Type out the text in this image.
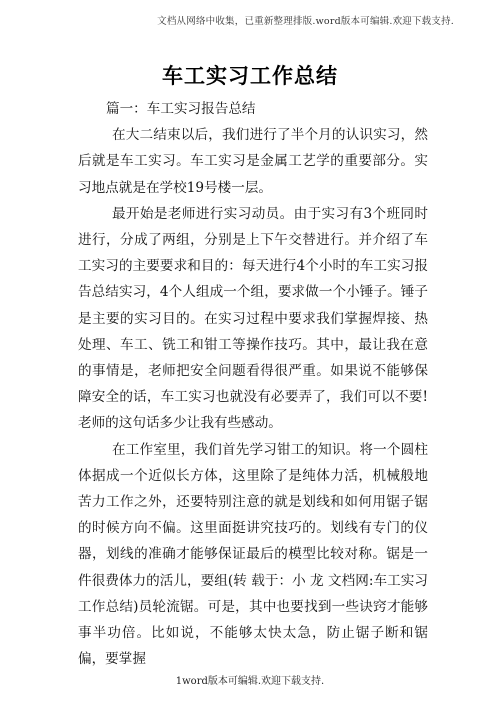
文档从网络中收集，已重新整理排版.word版本可编辑.欢迎下载支持.
车工实习工作总结

篇一：车工实习报告总结

在大二结束以后，我们进行了半个月的认识实习，然后就是车工实习。车工实习是金属工艺学的重要部分。实习地点就是在学校19号楼一层。

最开始是老师进行实习动员。由于实习有3个班同时进行，分成了两组，分别是上下午交替进行。并介绍了车工实习的主要要求和目的：每天进行4个小时的车工实习报告总结实习，4个人组成一个组，要求做一个小锤子。锤子是主要的实习目的。在实习过程中要求我们掌握焊接、热处理、车工、铣工和钳工等操作技巧。其中，最让我在意的事情是，老师把安全问题看得很严重。如果说不能够保障安全的话，车工实习也就没有必要弄了，我们可以不要!老师的这句话多少让我有些感动。

在工作室里，我们首先学习钳工的知识。将一个圆柱体据成一个近似长方体，这里除了是纯体力活，机械般地苦力工作之外，还要特别注意的就是划线和如何用锯子锯的时候方向不偏。这里面挺讲究技巧的。划线有专门的仪器，划线的准确才能够保证最后的模型比较对称。锯是一件很费体力的活儿，要组(转 载于：小 龙 文档网:车工实习工作总结)员轮流锯。可是，其中也要找到一些诀窍才能够事半功倍。比如说，不能够太快太急，防止锯子断和锯偏，要掌握

1word版本可编辑.欢迎下载支持.
